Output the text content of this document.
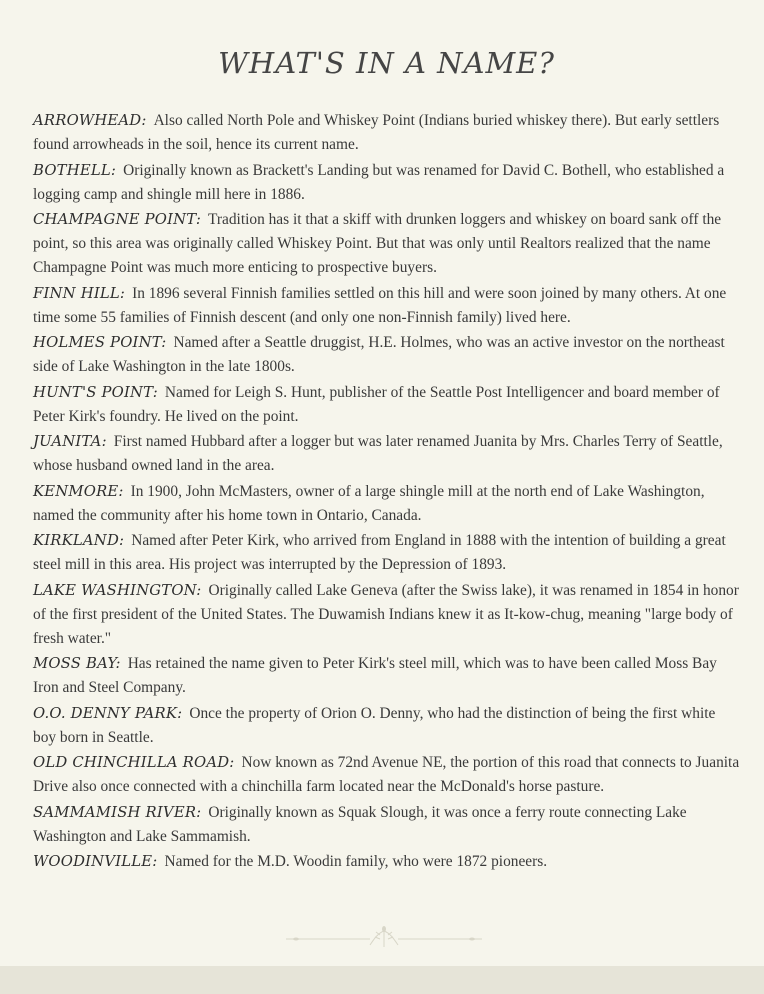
WHAT'S IN A NAME?

ARROWHEAD: Also called North Pole and Whiskey Point (Indians buried whiskey there). But early settlers found arrowheads in the soil, hence its current name.

BOTHELL: Originally known as Brackett's Landing but was renamed for David C. Bothell, who established a logging camp and shingle mill here in 1886.

CHAMPAGNE POINT: Tradition has it that a skiff with drunken loggers and whiskey on board sank off the point, so this area was originally called Whiskey Point. But that was only until Realtors realized that the name Champagne Point was much more enticing to prospective buyers.

FINN HILL: In 1896 several Finnish families settled on this hill and were soon joined by many others. At one time some 55 families of Finnish descent (and only one non-Finnish family) lived here.

HOLMES POINT: Named after a Seattle druggist, H.E. Holmes, who was an active investor on the northeast side of Lake Washington in the late 1800s.

HUNT'S POINT: Named for Leigh S. Hunt, publisher of the Seattle Post Intelligencer and board member of Peter Kirk's foundry. He lived on the point.

JUANITA: First named Hubbard after a logger but was later renamed Juanita by Mrs. Charles Terry of Seattle, whose husband owned land in the area.

KENMORE: In 1900, John McMasters, owner of a large shingle mill at the north end of Lake Washington, named the community after his home town in Ontario, Canada.

KIRKLAND: Named after Peter Kirk, who arrived from England in 1888 with the intention of building a great steel mill in this area. His project was interrupted by the Depression of 1893.

LAKE WASHINGTON: Originally called Lake Geneva (after the Swiss lake), it was renamed in 1854 in honor of the first president of the United States. The Duwamish Indians knew it as It-kow-chug, meaning "large body of fresh water."

MOSS BAY: Has retained the name given to Peter Kirk's steel mill, which was to have been called Moss Bay Iron and Steel Company.

O.O. DENNY PARK: Once the property of Orion O. Denny, who had the distinction of being the first white boy born in Seattle.

OLD CHINCHILLA ROAD: Now known as 72nd Avenue NE, the portion of this road that connects to Juanita Drive also once connected with a chinchilla farm located near the McDonald's horse pasture.

SAMMAMISH RIVER: Originally known as Squak Slough, it was once a ferry route connecting Lake Washington and Lake Sammamish.

WOODINVILLE: Named for the M.D. Woodin family, who were 1872 pioneers.
